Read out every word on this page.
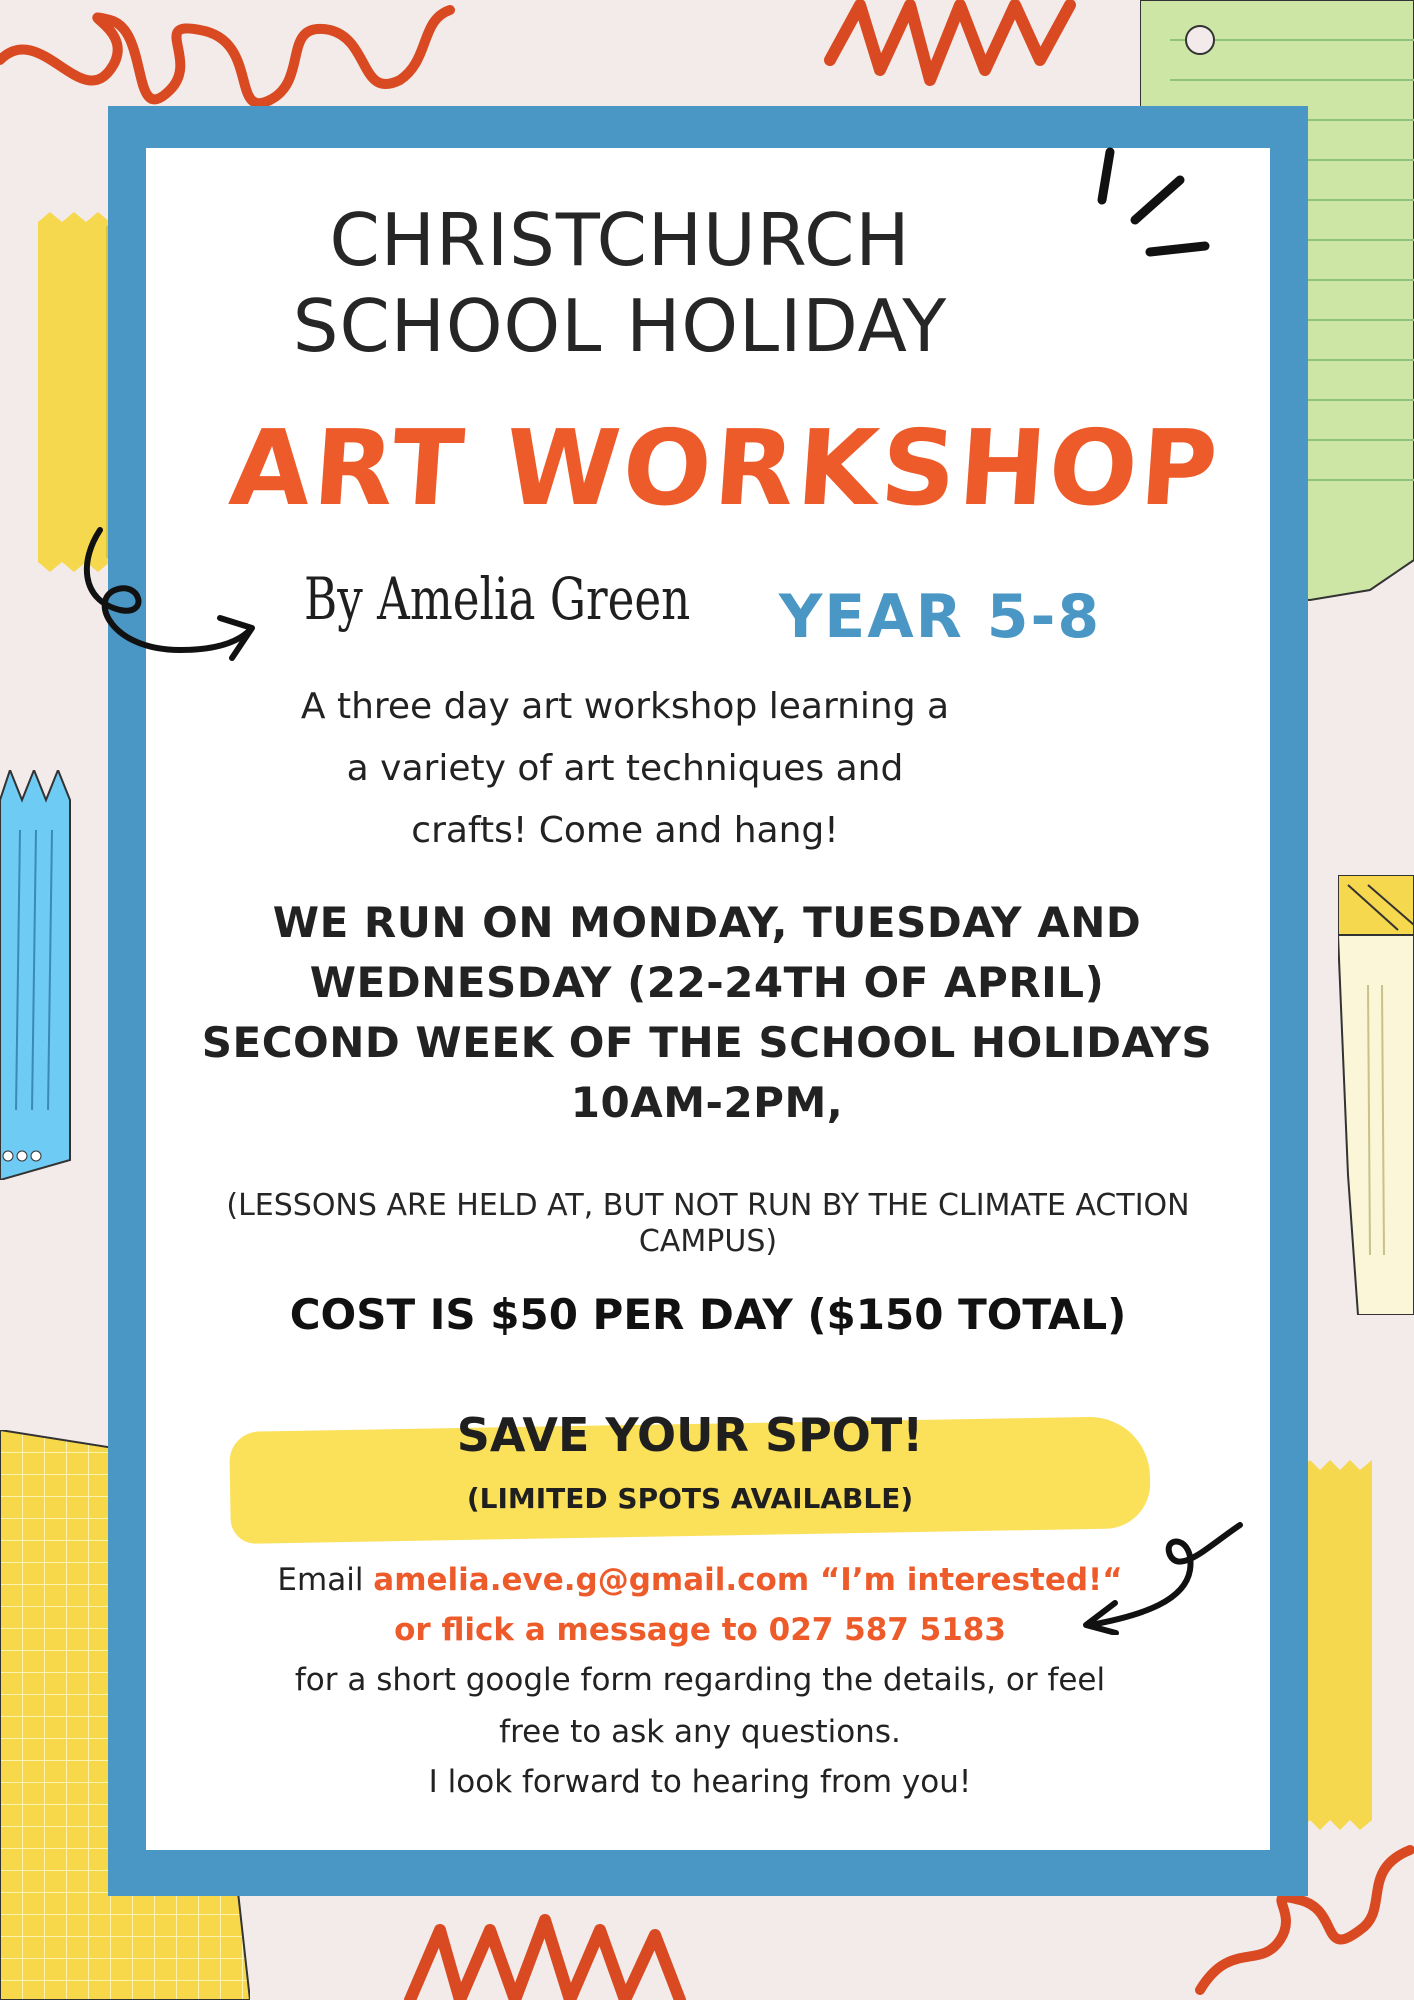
CHRISTCHURCH
SCHOOL HOLIDAY
ART WORKSHOP
By Amelia Green	YEAR 5-8
A three day art workshop learning a
a variety of art techniques and
crafts! Come and hang!
WE RUN ON MONDAY, TUESDAY AND
WEDNESDAY (22-24TH OF APRIL)
SECOND WEEK OF THE SCHOOL HOLIDAYS
10AM-2PM,
(LESSONS ARE HELD AT, BUT NOT RUN BY THE CLIMATE ACTION
CAMPUS)
COST IS $50 PER DAY ($150 TOTAL)
SAVE YOUR SPOT!
(LIMITED SPOTS AVAILABLE)
Email amelia.eve.g@gmail.com “I’m interested!“
or flick a message to 027 587 5183
for a short google form regarding the details, or feel
free to ask any questions.
I look forward to hearing from you!
